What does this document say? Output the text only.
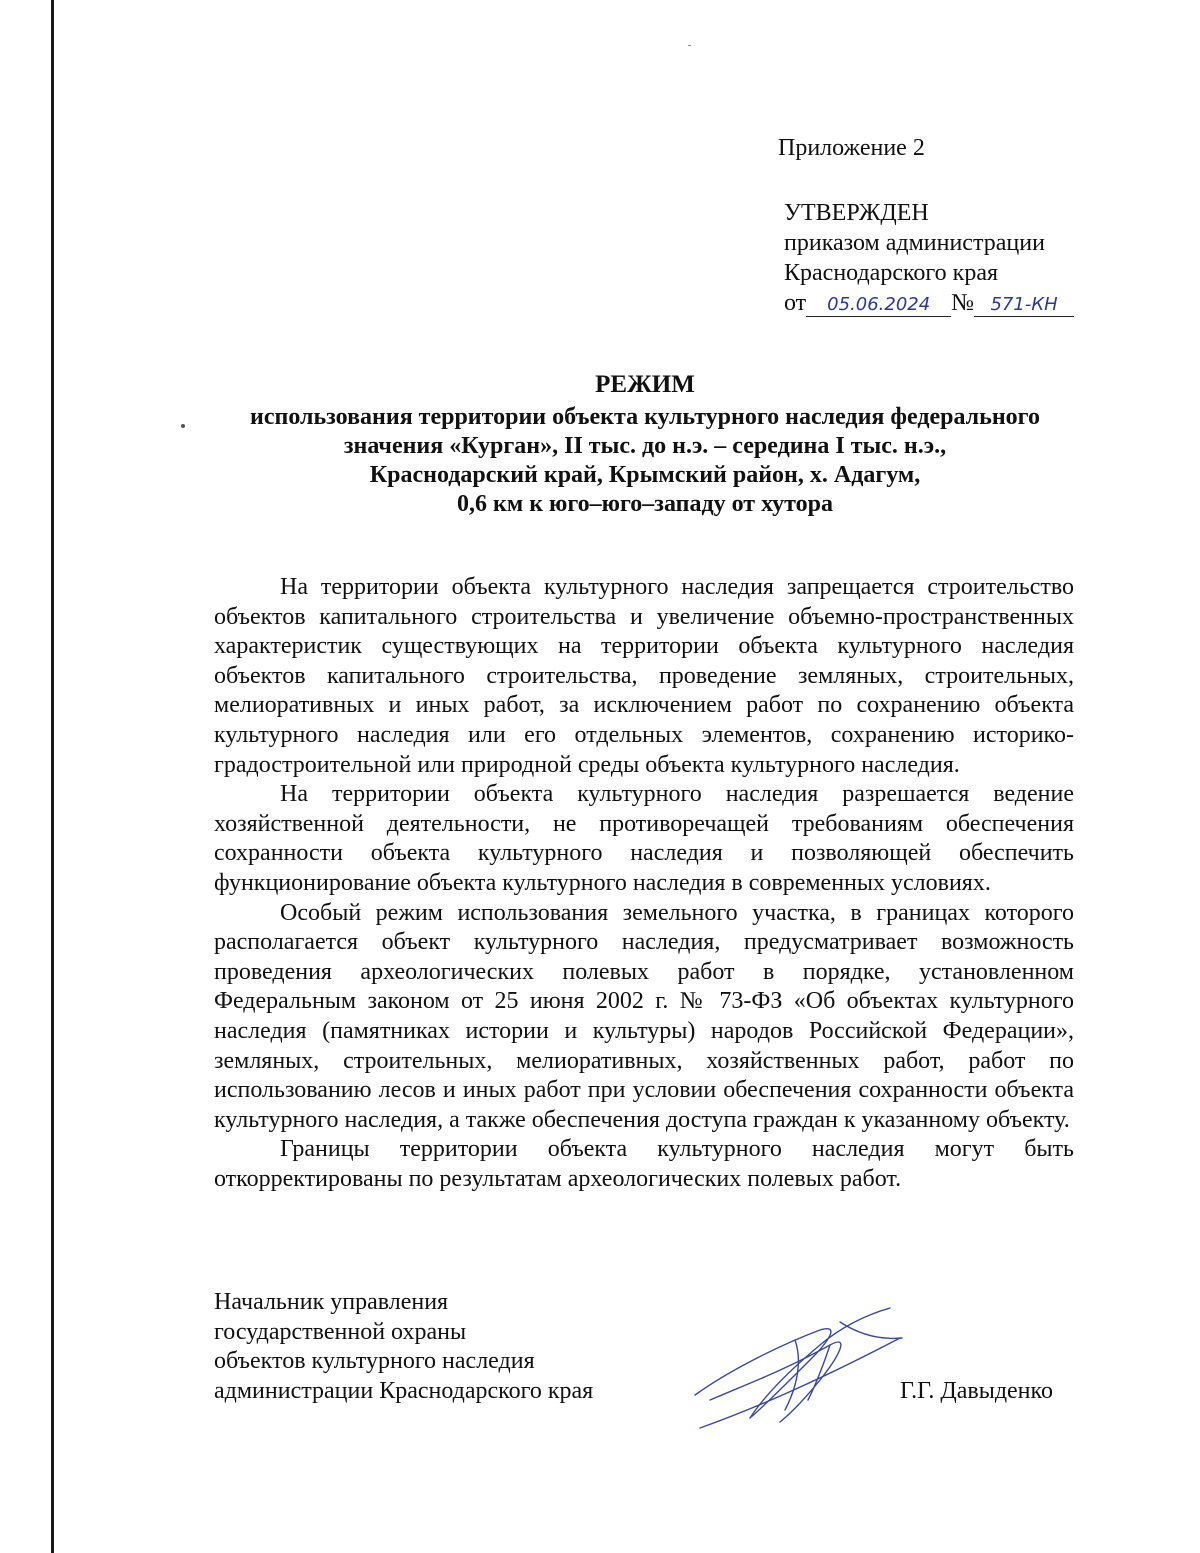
Приложение 2
УТВЕРЖДЕН
приказом администрации
Краснодарского края
от 05.06.2024 № 571-КН
РЕЖИМ
использования территории объекта культурного наследия федерального
значения «Курган», II тыс. до н.э. – середина I тыс. н.э.,
Краснодарский край, Крымский район, х. Адагум,
0,6 км к юго–юго–западу от хутора

На территории объекта культурного наследия запрещается строительство объектов капитального строительства и увеличение объемно-пространственных характеристик существующих на территории объекта культурного наследия объектов капитального строительства, проведение земляных, строительных, мелиоративных и иных работ, за исключением работ по сохранению объекта культурного наследия или его отдельных элементов, сохранению историко-градостроительной или природной среды объекта культурного наследия.

На территории объекта культурного наследия разрешается ведение хозяйственной деятельности, не противоречащей требованиям обеспечения сохранности объекта культурного наследия и позволяющей обеспечить функционирование объекта культурного наследия в современных условиях.

Особый режим использования земельного участка, в границах которого располагается объект культурного наследия, предусматривает возможность проведения археологических полевых работ в порядке, установленном Федеральным законом от 25 июня 2002 г. № 73-ФЗ «Об объектах культурного наследия (памятниках истории и культуры) народов Российской Федерации», земляных, строительных, мелиоративных, хозяйственных работ, работ по использованию лесов и иных работ при условии обеспечения сохранности объекта культурного наследия, а также обеспечения доступа граждан к указанному объекту.

Границы территории объекта культурного наследия могут быть откорректированы по результатам археологических полевых работ.

Начальник управления
государственной охраны
объектов культурного наследия
администрации Краснодарского края	Г.Г. Давыденко
